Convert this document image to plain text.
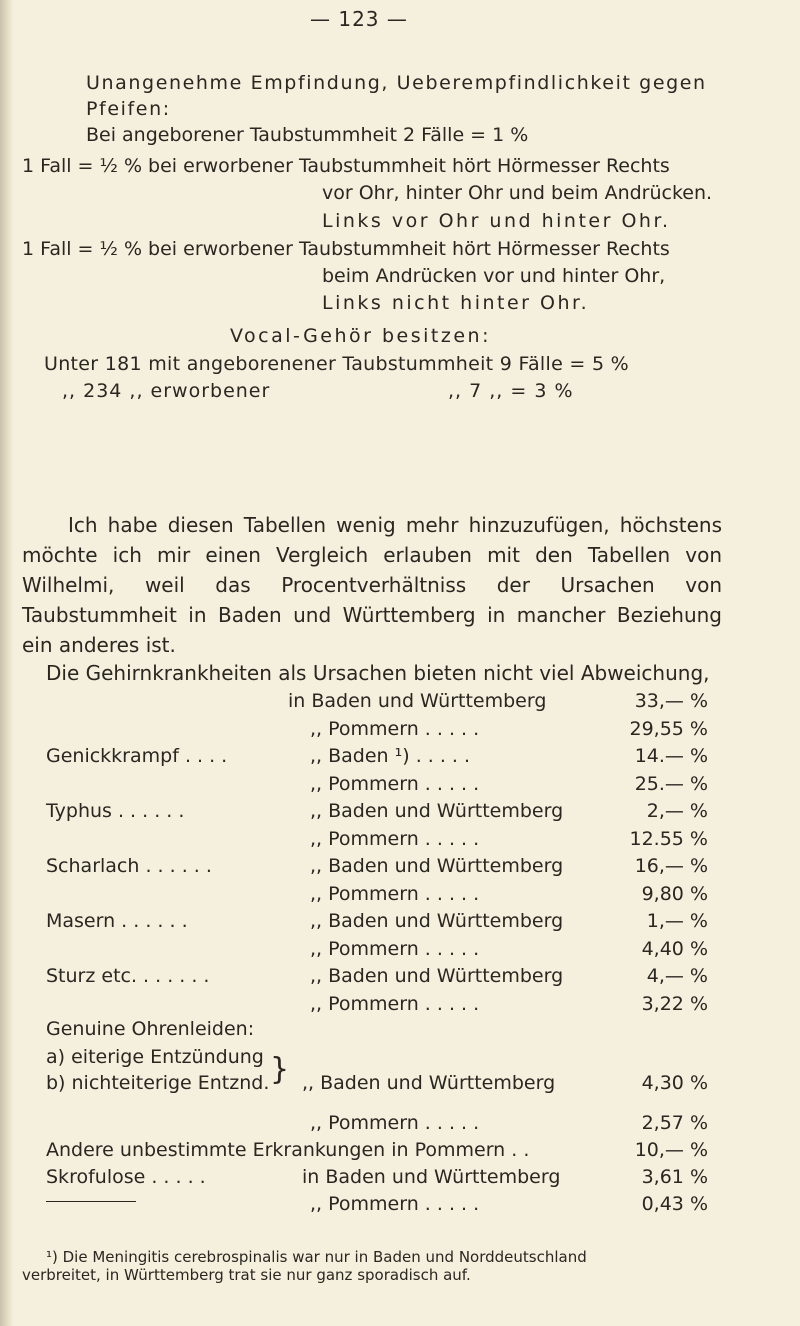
— 123 —
Unangenehme Empfindung, Ueberempfindlichkeit gegen Pfeifen:
Bei angeborener Taubstummheit 2 Fälle = 1 %
1 Fall = ½ % bei erworbener Taubstummheit hört Hörmesser Rechts
vor Ohr, hinter Ohr und beim Andrücken.
Links vor Ohr und hinter Ohr.
1 Fall = ½ % bei erworbener Taubstummheit hört Hörmesser Rechts
beim Andrücken vor und hinter Ohr,
Links nicht hinter Ohr.
Vocal-Gehör besitzen:
Unter 181 mit angeborenener Taubstummheit 9 Fälle = 5 %
,, 234 ,, erworbener	,, 7 ,, = 3 %
Ich habe diesen Tabellen wenig mehr hinzuzufügen, höchstens möchte ich mir einen Vergleich erlauben mit den Tabellen von Wilhelmi, weil das Procentverhältniss der Ursachen von Taubstummheit in Baden und Württemberg in mancher Beziehung ein anderes ist.
Die Gehirnkrankheiten als Ursachen bieten nicht viel Abweichung,
in Baden und Württemberg	33,— %
,, Pommern . . . . .	29,55 %
Genickkrampf . . . .	,, Baden ¹) . . . . .	14.— %
,, Pommern . . . . .	25.— %
Typhus . . . . . .	,, Baden und Württemberg	2,— %
,, Pommern . . . . .	12.55 %
Scharlach . . . . . .	,, Baden und Württemberg	16,— %
,, Pommern . . . . .	9,80 %
Masern . . . . . .	,, Baden und Württemberg	1,— %
,, Pommern . . . . .	4,40 %
Sturz etc. . . . . . .	,, Baden und Württemberg	4,— %
,, Pommern . . . . .	3,22 %
Genuine Ohrenleiden:
a) eiterige Entzündung
b) nichteiterige Entznd. } ,, Baden und Württemberg	4,30 %
,, Pommern . . . . .	2,57 %
Andere unbestimmte Erkrankungen in Pommern . .	10,— %
Skrofulose . . . . .	in Baden und Württemberg	3,61 %
,, Pommern . . . . .	0,43 %
¹) Die Meningitis cerebrospinalis war nur in Baden und Norddeutschland
verbreitet, in Württemberg trat sie nur ganz sporadisch auf.
